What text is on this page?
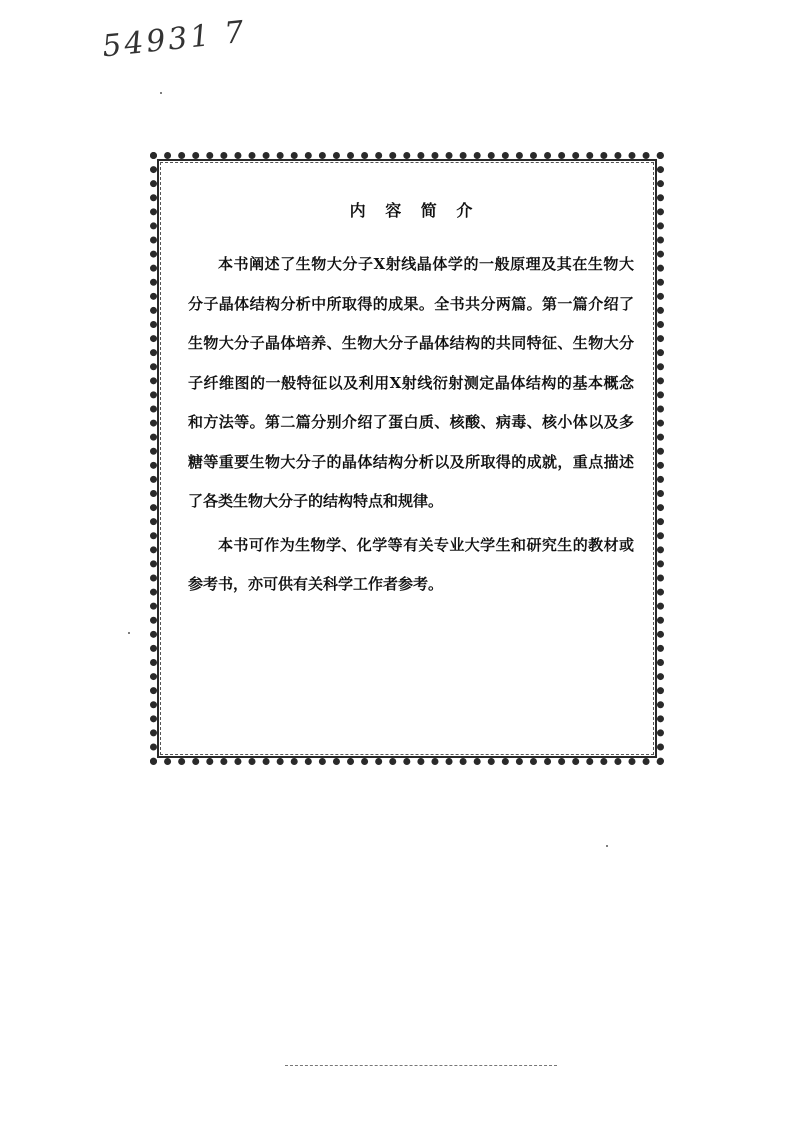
54931 7
内 容 简 介

本书阐述了生物大分子X射线晶体学的一般原理及其在生物大分子晶体结构分析中所取得的成果。全书共分两篇。第一篇介绍了生物大分子晶体培养、生物大分子晶体结构的共同特征、生物大分子纤维图的一般特征以及利用X射线衍射测定晶体结构的基本概念和方法等。第二篇分别介绍了蛋白质、核酸、病毒、核小体以及多糖等重要生物大分子的晶体结构分析以及所取得的成就，重点描述了各类生物大分子的结构特点和规律。

本书可作为生物学、化学等有关专业大学生和研究生的教材或参考书，亦可供有关科学工作者参考。
